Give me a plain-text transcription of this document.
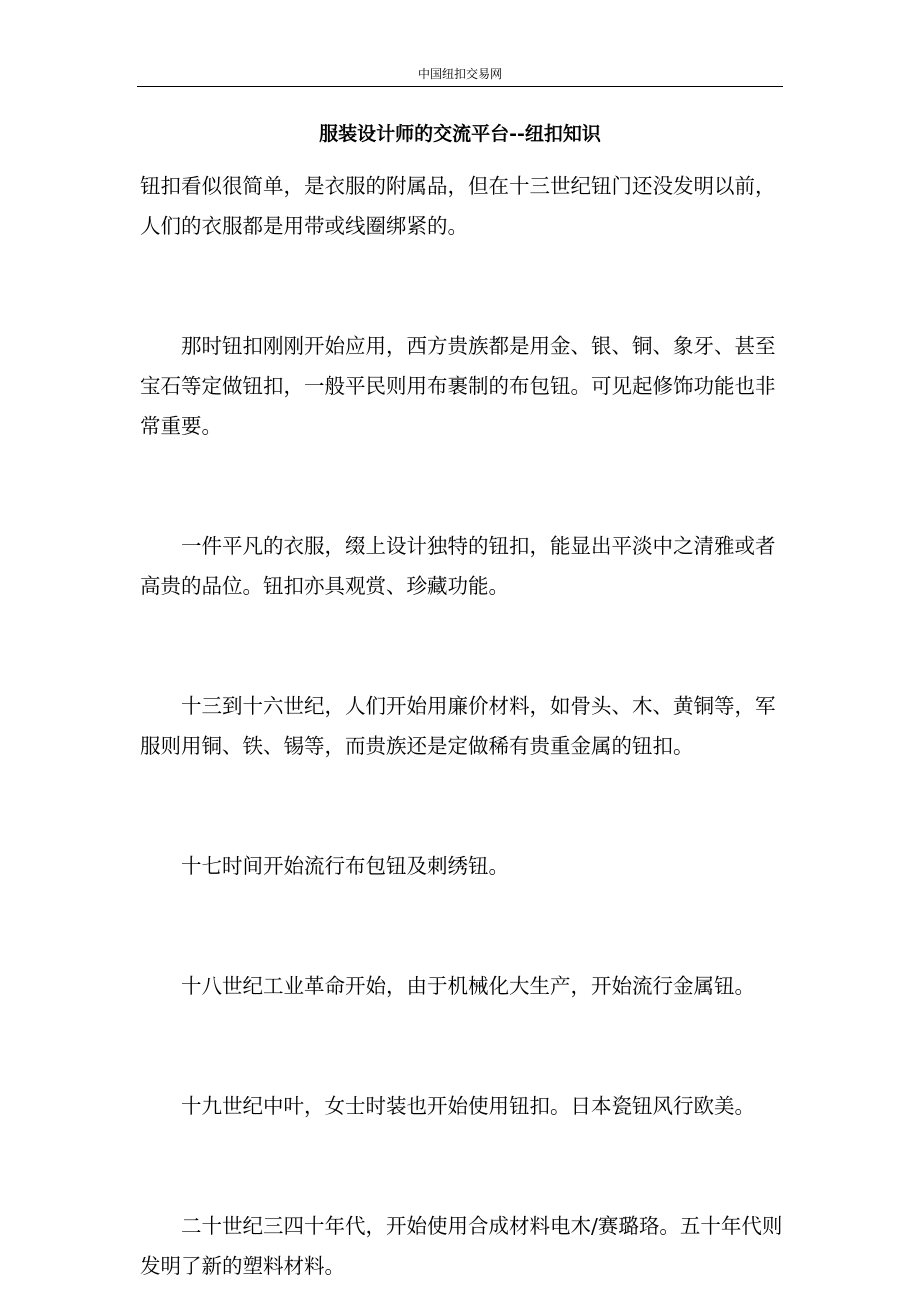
中国纽扣交易网
服装设计师的交流平台--纽扣知识

钮扣看似很简单，是衣服的附属品，但在十三世纪钮门还没发明以前，人们的衣服都是用带或线圈绑紧的。

那时钮扣刚刚开始应用，西方贵族都是用金、银、铜、象牙、甚至宝石等定做钮扣，一般平民则用布裹制的布包钮。可见起修饰功能也非常重要。

一件平凡的衣服，缀上设计独特的钮扣，能显出平淡中之清雅或者高贵的品位。钮扣亦具观赏、珍藏功能。

十三到十六世纪，人们开始用廉价材料，如骨头、木、黄铜等，军服则用铜、铁、锡等，而贵族还是定做稀有贵重金属的钮扣。

十七时间开始流行布包钮及刺绣钮。

十八世纪工业革命开始，由于机械化大生产，开始流行金属钮。

十九世纪中叶，女士时装也开始使用钮扣。日本瓷钮风行欧美。

二十世纪三四十年代，开始使用合成材料电木/赛璐珞。五十年代则发明了新的塑料材料。
